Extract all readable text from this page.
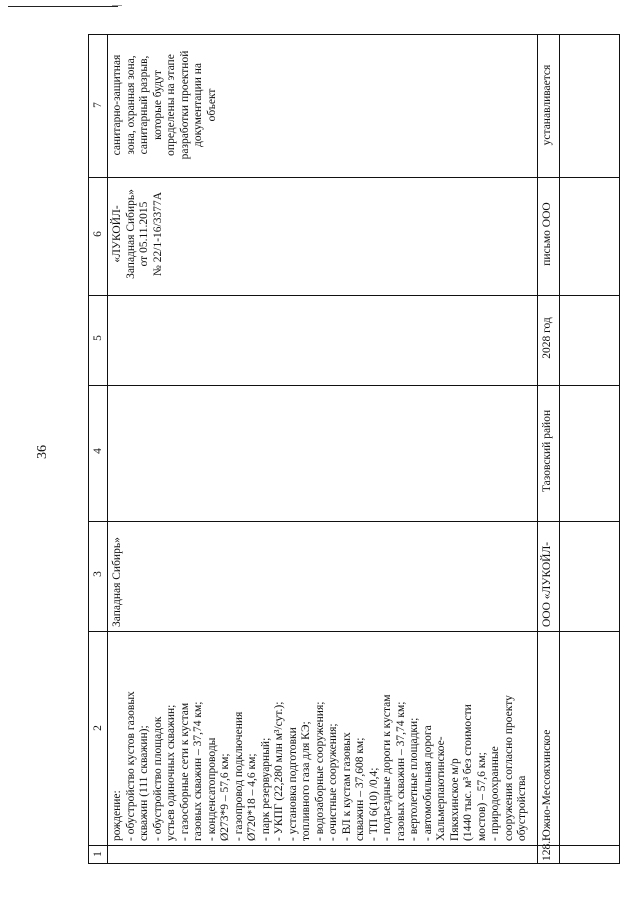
36
1
2
3
4
5
6
7
рождение: - обустройство кустов газовых скважин (111 скважин); - обустройство площадок устьев одиночных скважин; - газосборные сети к кустам газовых скважин – 37,74 км; - конденсатопроводы Ø273*9 – 57,6 км; - газопровод подключения Ø720*18 – 4,6 км; - парк резервуарный; - УКПГ (22,280 млн м³/сут.); - установка подготовки топливного газа для КЭ; - водозаборные сооружения; - очистные сооружения; - ВЛ к кустам газовых скважин – 37,608 км; - ТП 6(10) /0,4; - подъездные дороги к кустам газовых скважин – 37,74 км; - вертолетные площадки; - автомобильная дорога Хальмерпаютинское- Пякяхинское м/р (1440 тыс. м³ без стоимости мостов) – 57,6 км; - природоохранные сооружения согласно проекту обустройства
Западная Сибирь»
«ЛУКОЙЛ- Западная Сибирь» от 05.11.2015 № 22/1-16/3377А
санитарно-защитная зона, охранная зона, санитарный разрыв, которые будут определены на этапе разработки проектной документации на объект
128.
Южно-Мессояхинское
ООО «ЛУКОЙЛ-
Тазовский район
2028 год
письмо ООО
устанавливается
